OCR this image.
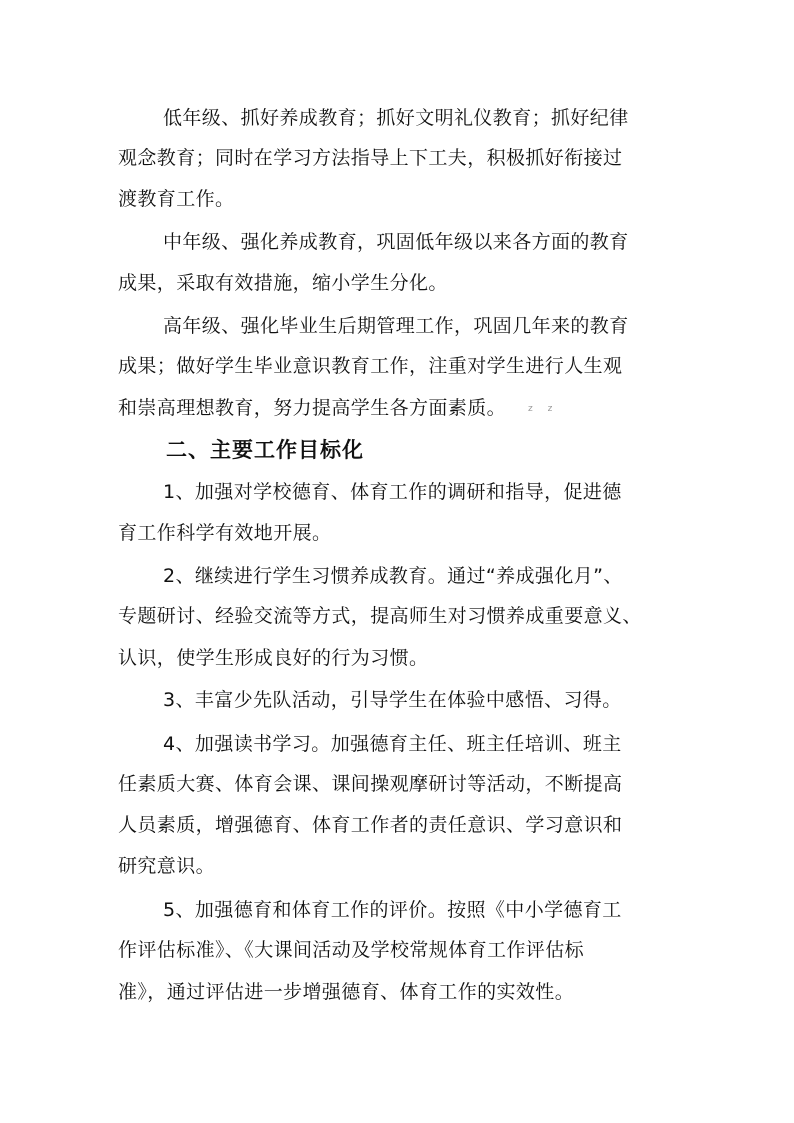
低年级、抓好养成教育；抓好文明礼仪教育；抓好纪律
观念教育；同时在学习方法指导上下工夫，积极抓好衔接过
渡教育工作。
中年级、强化养成教育，巩固低年级以来各方面的教育
成果，采取有效措施，缩小学生分化。
高年级、强化毕业生后期管理工作，巩固几年来的教育
成果；做好学生毕业意识教育工作，注重对学生进行人生观
和崇高理想教育，努力提高学生各方面素质。 z z
二、主要工作目标化
1、加强对学校德育、体育工作的调研和指导，促进德
育工作科学有效地开展。
2、继续进行学生习惯养成教育。通过“养成强化月”、
专题研讨、经验交流等方式，提高师生对习惯养成重要意义、
认识，使学生形成良好的行为习惯。
3、丰富少先队活动，引导学生在体验中感悟、习得。
4、加强读书学习。加强德育主任、班主任培训、班主
任素质大赛、体育会课、课间操观摩研讨等活动，不断提高
人员素质，增强德育、体育工作者的责任意识、学习意识和
研究意识。
5、加强德育和体育工作的评价。按照《中小学德育工
作评估标准》、《大课间活动及学校常规体育工作评估标
准》，通过评估进一步增强德育、体育工作的实效性。
